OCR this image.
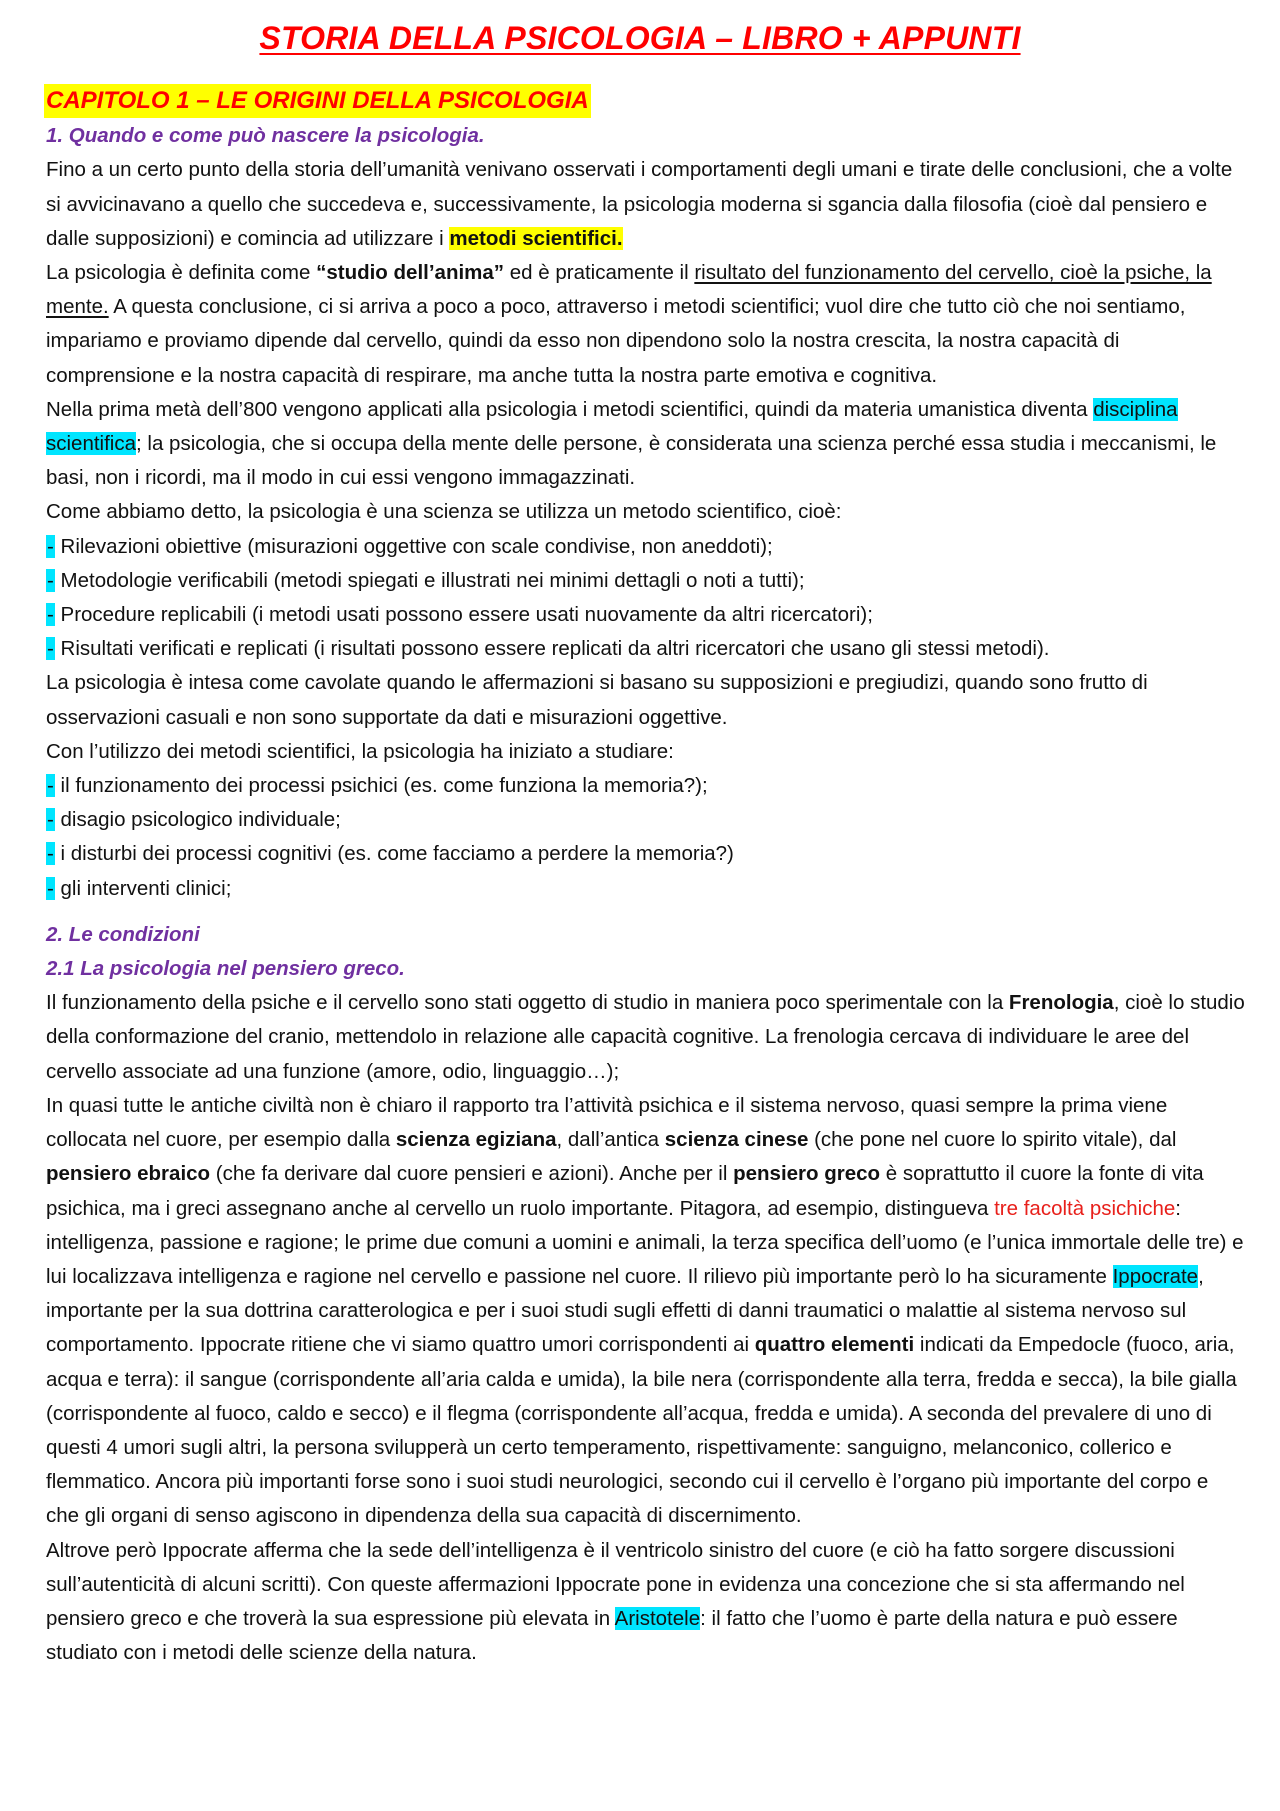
STORIA DELLA PSICOLOGIA – LIBRO + APPUNTI
CAPITOLO 1 – LE ORIGINI DELLA PSICOLOGIA
1. Quando e come può nascere la psicologia.

Fino a un certo punto della storia dell’umanità venivano osservati i comportamenti degli umani e tirate delle conclusioni, che a volte si avvicinavano a quello che succedeva e, successivamente, la psicologia moderna si sgancia dalla filosofia (cioè dal pensiero e dalle supposizioni) e comincia ad utilizzare i metodi scientifici.

La psicologia è definita come “studio dell’anima” ed è praticamente il risultato del funzionamento del cervello, cioè la psiche, la mente. A questa conclusione, ci si arriva a poco a poco, attraverso i metodi scientifici; vuol dire che tutto ciò che noi sentiamo, impariamo e proviamo dipende dal cervello, quindi da esso non dipendono solo la nostra crescita, la nostra capacità di comprensione e la nostra capacità di respirare, ma anche tutta la nostra parte emotiva e cognitiva.

Nella prima metà dell’800 vengono applicati alla psicologia i metodi scientifici, quindi da materia umanistica diventa disciplina scientifica; la psicologia, che si occupa della mente delle persone, è considerata una scienza perché essa studia i meccanismi, le basi, non i ricordi, ma il modo in cui essi vengono immagazzinati.

Come abbiamo detto, la psicologia è una scienza se utilizza un metodo scientifico, cioè:

- Rilevazioni obiettive (misurazioni oggettive con scale condivise, non aneddoti);
- Metodologie verificabili (metodi spiegati e illustrati nei minimi dettagli o noti a tutti);
- Procedure replicabili (i metodi usati possono essere usati nuovamente da altri ricercatori);
- Risultati verificati e replicati (i risultati possono essere replicati da altri ricercatori che usano gli stessi metodi).

La psicologia è intesa come cavolate quando le affermazioni si basano su supposizioni e pregiudizi, quando sono frutto di osservazioni casuali e non sono supportate da dati e misurazioni oggettive.

Con l’utilizzo dei metodi scientifici, la psicologia ha iniziato a studiare:

- il funzionamento dei processi psichici (es. come funziona la memoria?);
- disagio psicologico individuale;
- i disturbi dei processi cognitivi (es. come facciamo a perdere la memoria?)
- gli interventi clinici;
2. Le condizioni
2.1 La psicologia nel pensiero greco.

Il funzionamento della psiche e il cervello sono stati oggetto di studio in maniera poco sperimentale con la Frenologia, cioè lo studio della conformazione del cranio, mettendolo in relazione alle capacità cognitive. La frenologia cercava di individuare le aree del cervello associate ad una funzione (amore, odio, linguaggio…);

In quasi tutte le antiche civiltà non è chiaro il rapporto tra l’attività psichica e il sistema nervoso, quasi sempre la prima viene collocata nel cuore, per esempio dalla scienza egiziana, dall’antica scienza cinese (che pone nel cuore lo spirito vitale), dal pensiero ebraico (che fa derivare dal cuore pensieri e azioni). Anche per il pensiero greco è soprattutto il cuore la fonte di vita psichica, ma i greci assegnano anche al cervello un ruolo importante. Pitagora, ad esempio, distingueva tre facoltà psichiche: intelligenza, passione e ragione; le prime due comuni a uomini e animali, la terza specifica dell’uomo (e l’unica immortale delle tre) e lui localizzava intelligenza e ragione nel cervello e passione nel cuore. Il rilievo più importante però lo ha sicuramente Ippocrate, importante per la sua dottrina caratterologica e per i suoi studi sugli effetti di danni traumatici o malattie al sistema nervoso sul comportamento. Ippocrate ritiene che vi siamo quattro umori corrispondenti ai quattro elementi indicati da Empedocle (fuoco, aria, acqua e terra): il sangue (corrispondente all’aria calda e umida), la bile nera (corrispondente alla terra, fredda e secca), la bile gialla (corrispondente al fuoco, caldo e secco) e il flegma (corrispondente all’acqua, fredda e umida). A seconda del prevalere di uno di questi 4 umori sugli altri, la persona svilupperà un certo temperamento, rispettivamente: sanguigno, melanconico, collerico e flemmatico. Ancora più importanti forse sono i suoi studi neurologici, secondo cui il cervello è l’organo più importante del corpo e che gli organi di senso agiscono in dipendenza della sua capacità di discernimento.

Altrove però Ippocrate afferma che la sede dell’intelligenza è il ventricolo sinistro del cuore (e ciò ha fatto sorgere discussioni sull’autenticità di alcuni scritti). Con queste affermazioni Ippocrate pone in evidenza una concezione che si sta affermando nel pensiero greco e che troverà la sua espressione più elevata in Aristotele: il fatto che l’uomo è parte della natura e può essere studiato con i metodi delle scienze della natura.
